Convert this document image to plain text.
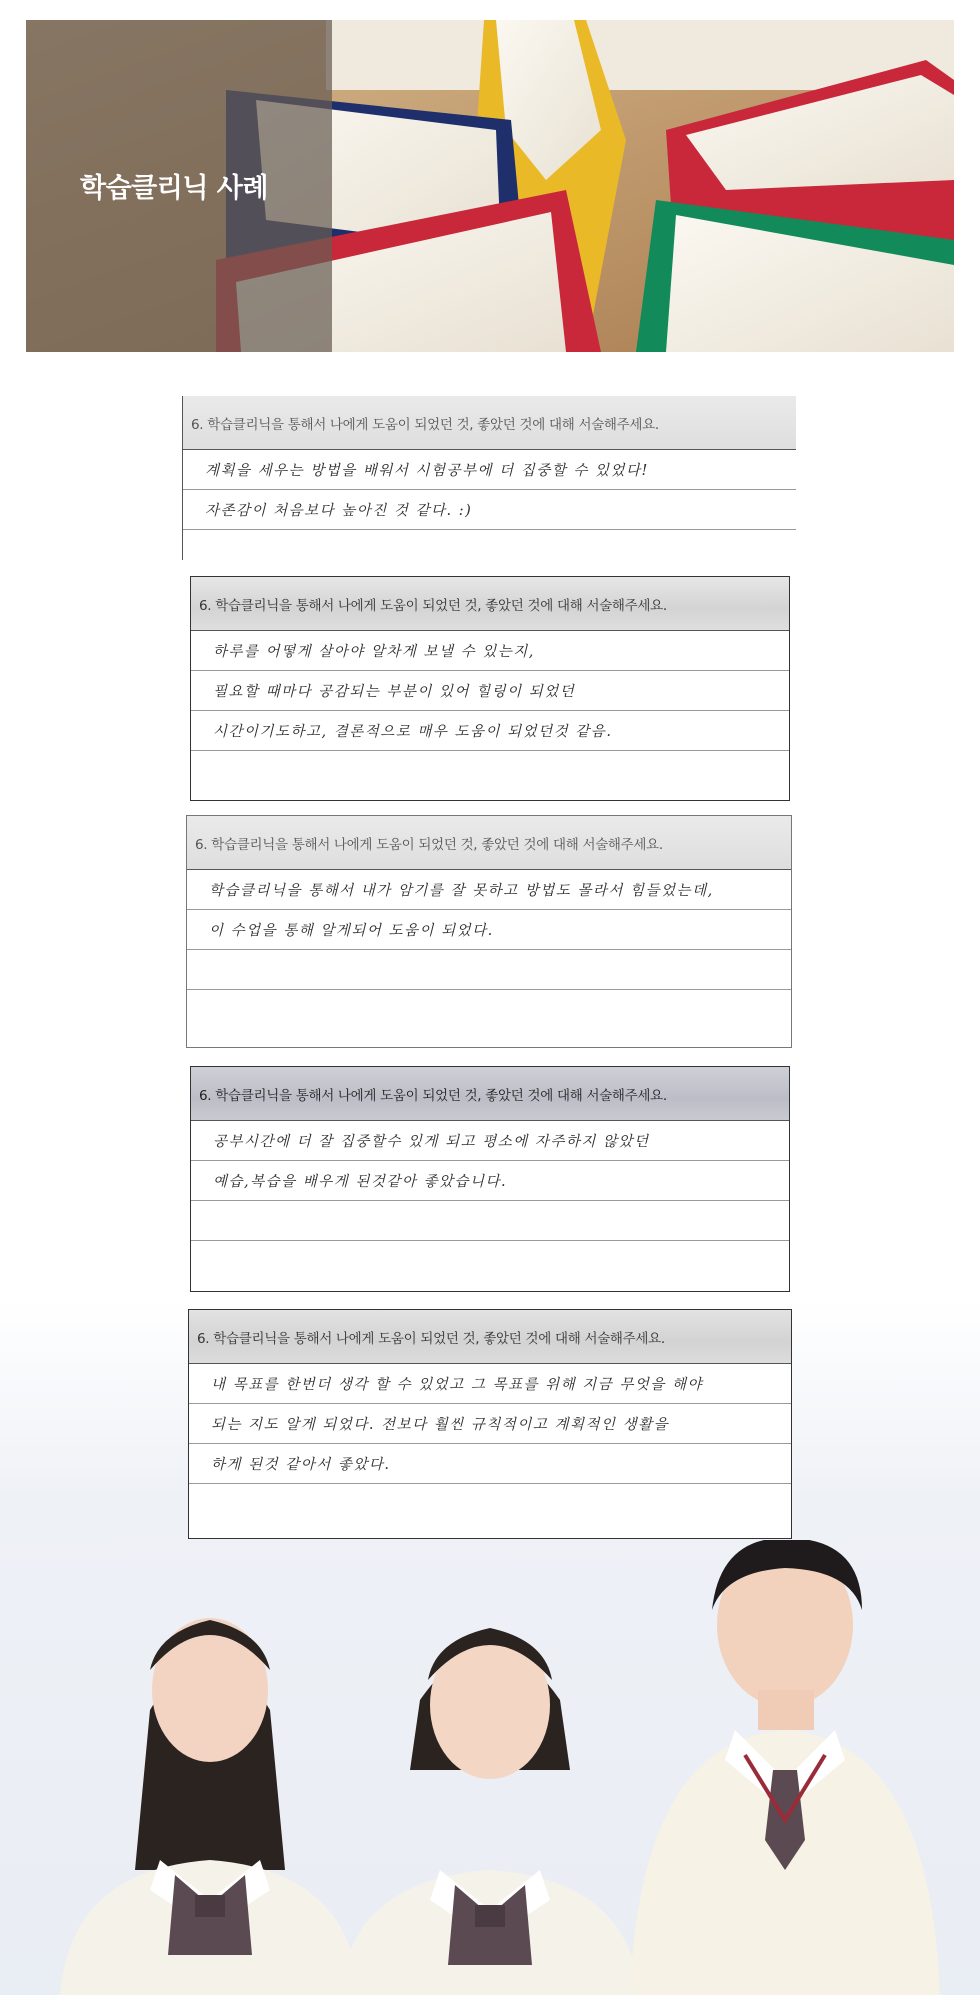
학습클리닉 사례
6. 학습클리닉을 통해서 나에게 도움이 되었던 것, 좋았던 것에 대해 서술해주세요.
계획을 세우는 방법을 배워서 시험공부에 더 집중할 수 있었다!
자존감이 처음보다 높아진 것 같다. :)
6. 학습클리닉을 통해서 나에게 도움이 되었던 것, 좋았던 것에 대해 서술해주세요.
하루를 어떻게 살아야 알차게 보낼 수 있는지,
필요할 때마다 공감되는 부분이 있어 힐링이 되었던
시간이기도하고, 결론적으로 매우 도움이 되었던것 같음.
6. 학습클리닉을 통해서 나에게 도움이 되었던 것, 좋았던 것에 대해 서술해주세요.
학습클리닉을 통해서 내가 암기를 잘 못하고 방법도 몰라서 힘들었는데,
이 수업을 통해 알게되어 도움이 되었다.
6. 학습클리닉을 통해서 나에게 도움이 되었던 것, 좋았던 것에 대해 서술해주세요.
공부시간에 더 잘 집중할수 있게 되고 평소에 자주하지 않았던
예습,복습을 배우게 된것같아 좋았습니다.
6. 학습클리닉을 통해서 나에게 도움이 되었던 것, 좋았던 것에 대해 서술해주세요.
내 목표를 한번더 생각 할 수 있었고 그 목표를 위해 지금 무엇을 해야
되는 지도 알게 되었다. 전보다 훨씬 규칙적이고 계획적인 생활을
하게 된것 같아서 좋았다.
